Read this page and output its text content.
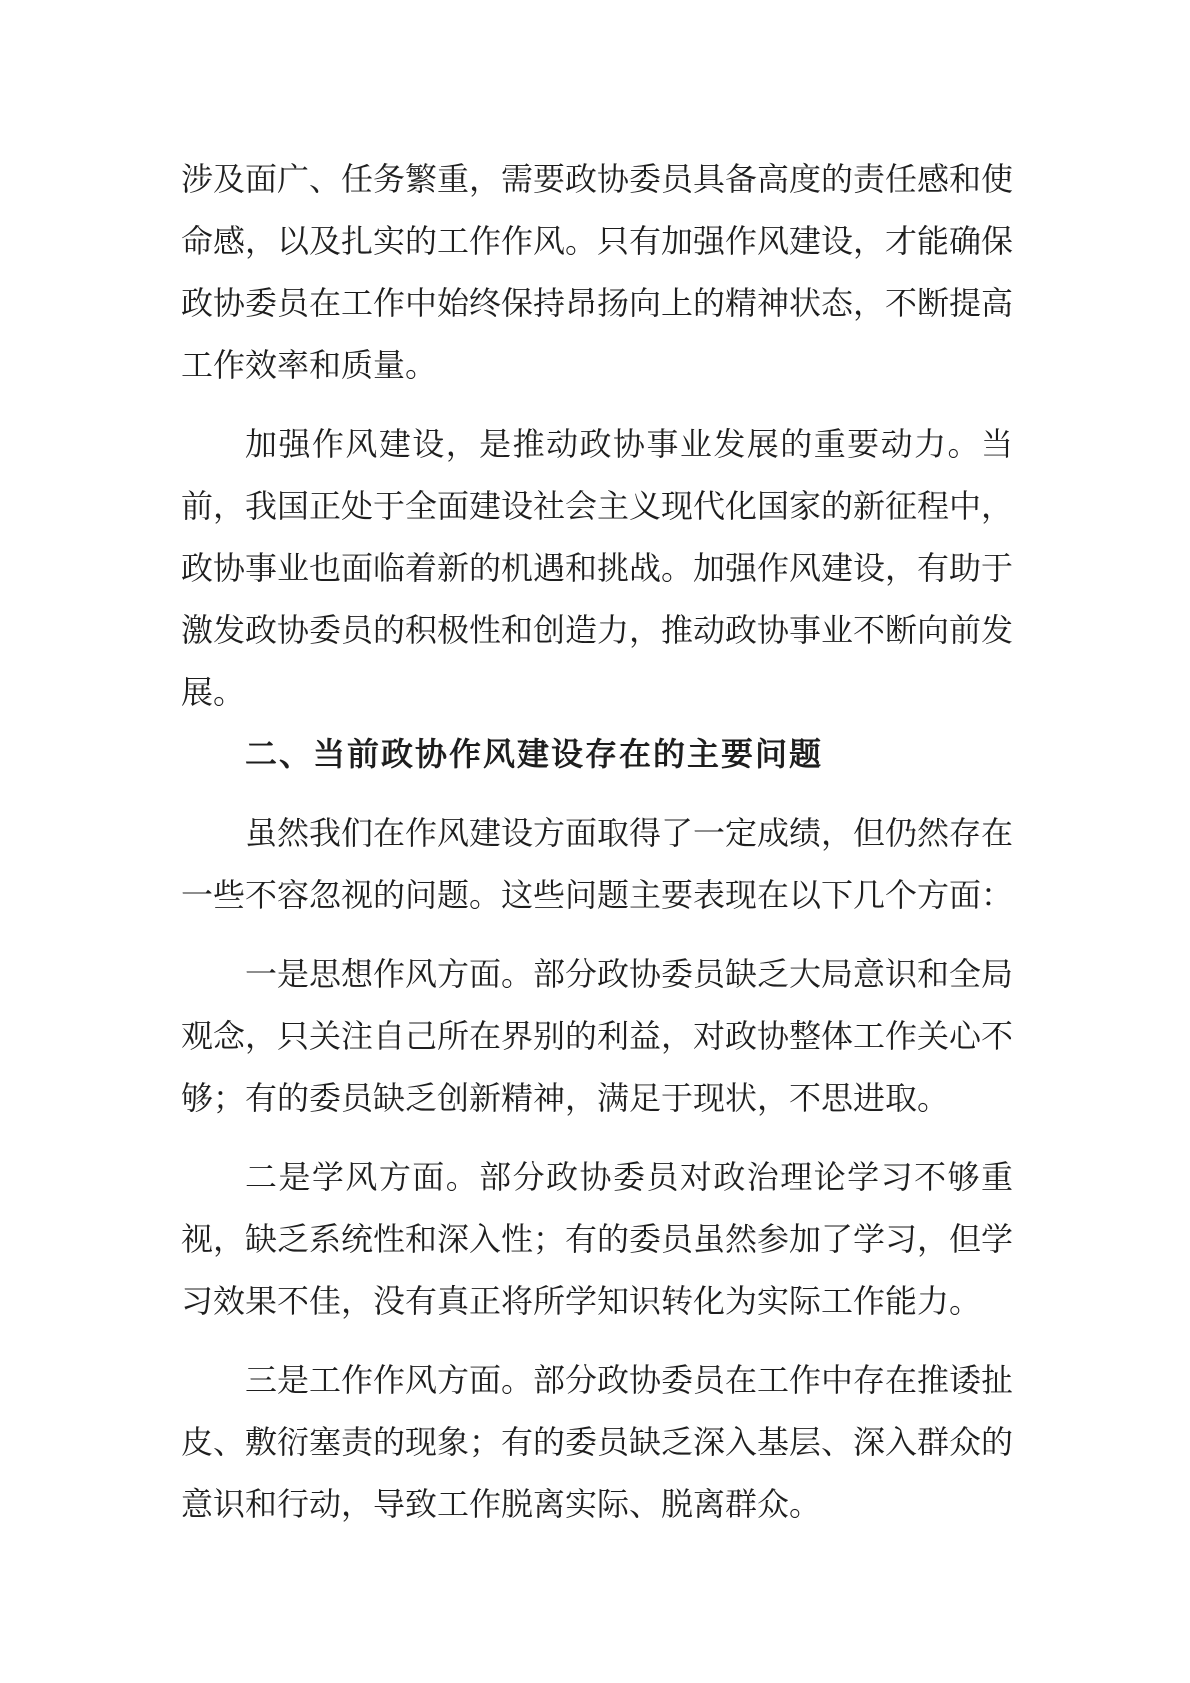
涉及面广、任务繁重，需要政协委员具备高度的责任感和使命感，以及扎实的工作作风。只有加强作风建设，才能确保政协委员在工作中始终保持昂扬向上的精神状态，不断提高工作效率和质量。

加强作风建设，是推动政协事业发展的重要动力。当前，我国正处于全面建设社会主义现代化国家的新征程中，政协事业也面临着新的机遇和挑战。加强作风建设，有助于激发政协委员的积极性和创造力，推动政协事业不断向前发展。

二、当前政协作风建设存在的主要问题

虽然我们在作风建设方面取得了一定成绩，但仍然存在一些不容忽视的问题。这些问题主要表现在以下几个方面：

一是思想作风方面。部分政协委员缺乏大局意识和全局观念，只关注自己所在界别的利益，对政协整体工作关心不够；有的委员缺乏创新精神，满足于现状，不思进取。

二是学风方面。部分政协委员对政治理论学习不够重视，缺乏系统性和深入性；有的委员虽然参加了学习，但学习效果不佳，没有真正将所学知识转化为实际工作能力。

三是工作作风方面。部分政协委员在工作中存在推诿扯皮、敷衍塞责的现象；有的委员缺乏深入基层、深入群众的意识和行动，导致工作脱离实际、脱离群众。
